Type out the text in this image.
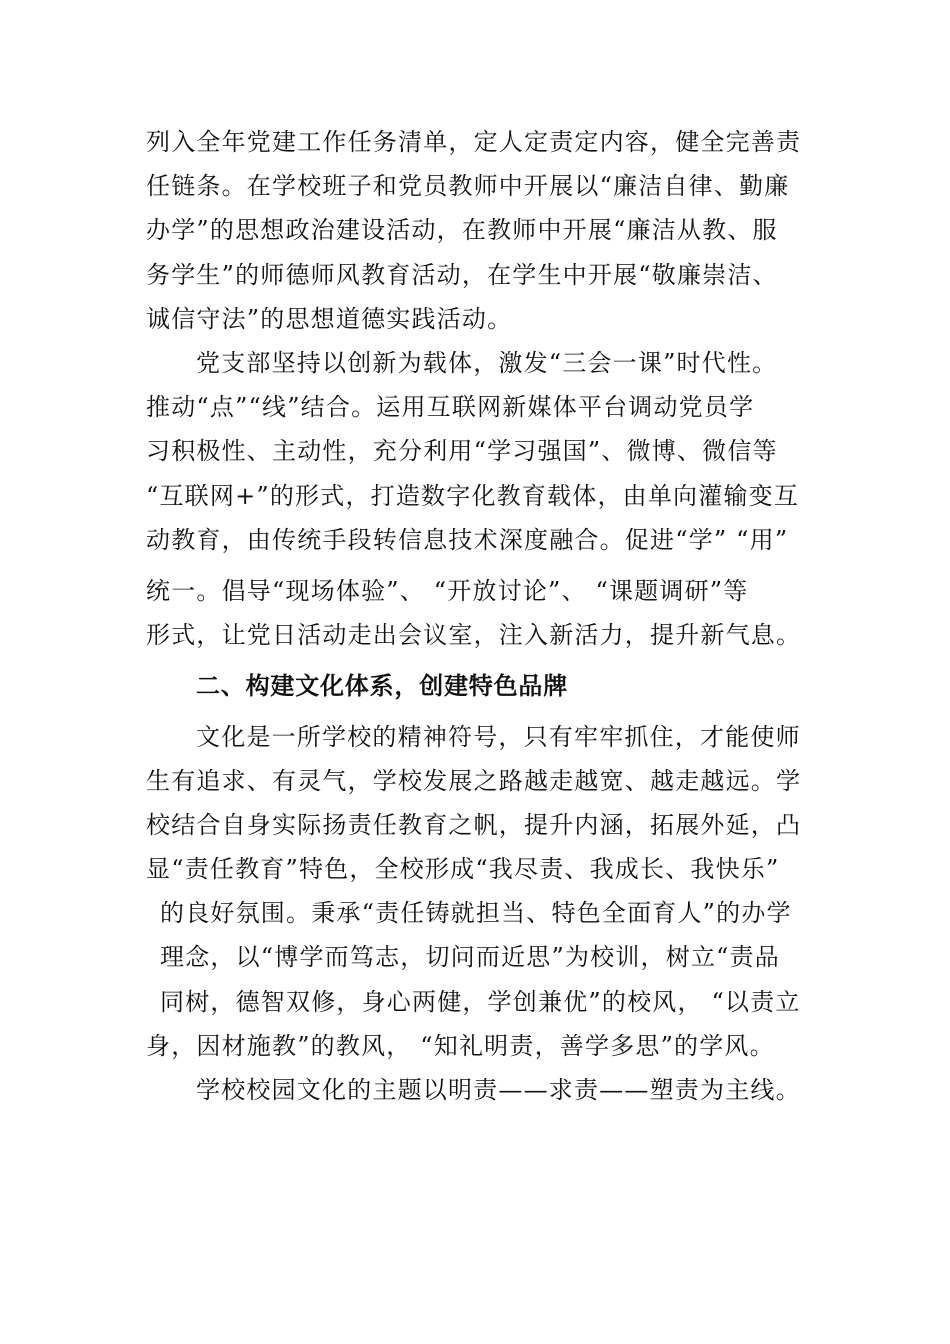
列入全年党建工作任务清单，定人定责定内容，健全完善责
任链条。在学校班子和党员教师中开展以“廉洁自律、勤廉
办学”的思想政治建设活动，在教师中开展“廉洁从教、服
务学生”的师德师风教育活动，在学生中开展“敬廉崇洁、
诚信守法”的思想道德实践活动。
党支部坚持以创新为载体，激发“三会一课”时代性。
推动“点”“线”结合。运用互联网新媒体平台调动党员学
习积极性、主动性，充分利用“学习强国”、微博、微信等
“互联网+”的形式，打造数字化教育载体，由单向灌输变互
动教育，由传统手段转信息技术深度融合。促进“学” “用”
统一。倡导“现场体验”、 “开放讨论”、 “课题调研”等
形式，让党日活动走出会议室，注入新活力，提升新气息。
二、构建文化体系，创建特色品牌
文化是一所学校的精神符号，只有牢牢抓住，才能使师
生有追求、有灵气，学校发展之路越走越宽、越走越远。学
校结合自身实际扬责任教育之帆，提升内涵，拓展外延，凸
显“责任教育”特色，全校形成“我尽责、我成长、我快乐”
的良好氛围。秉承“责任铸就担当、特色全面育人”的办学
理念，以“博学而笃志，切问而近思”为校训，树立“责品
同树，德智双修，身心两健，学创兼优”的校风， “以责立
身，因材施教”的教风， “知礼明责，善学多思”的学风。
学校校园文化的主题以明责——求责——塑责为主线。
